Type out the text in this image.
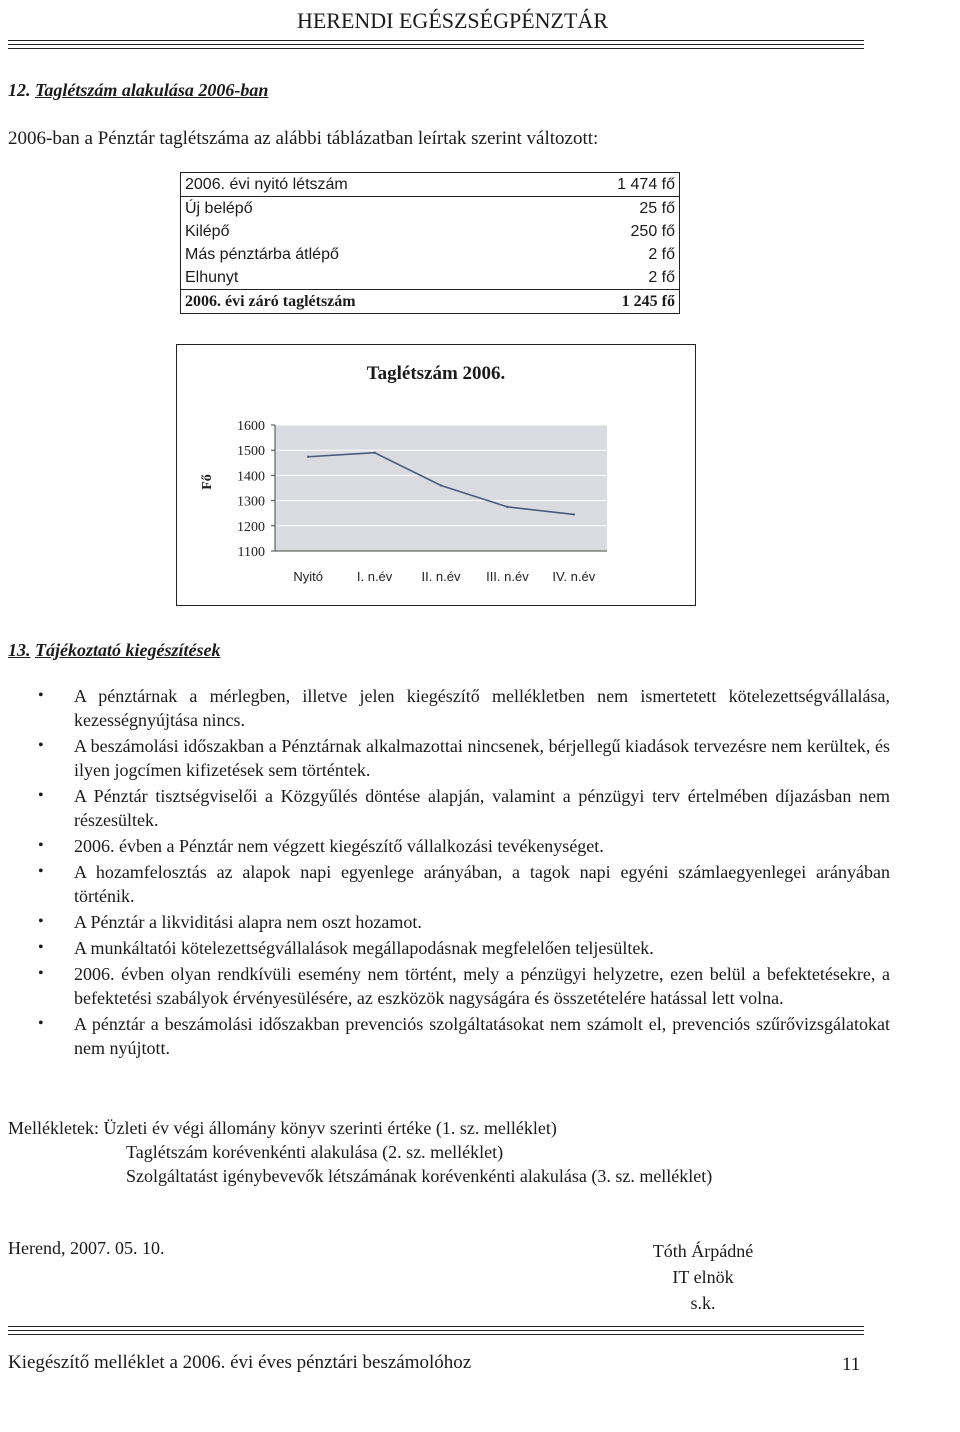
HERENDI EGÉSZSÉGPÉNZTÁR
12. Taglétszám alakulása 2006-ban
2006-ban a Pénztár taglétszáma az alábbi táblázatban leírtak szerint változott:
2006. évi nyitó létszám	1 474 fő
Új belépő	25 fő
Kilépő	250 fő
Más pénztárba átlépő	2 fő
Elhunyt	2 fő
2006. évi záró taglétszám	1 245 fő
Taglétszám 2006.
1600
1500
1400
1300
1200
1100
Fő
Nyitó	I. n.év II. n.év III. n.év IV. n.év
13. Tájékoztató kiegészítések
• A pénztárnak a mérlegben, illetve jelen kiegészítő mellékletben nem ismertetett kötelezettségvállalása, kezességnyújtása nincs.
• A beszámolási időszakban a Pénztárnak alkalmazottai nincsenek, bérjellegű kiadások tervezésre nem kerültek, és ilyen jogcímen kifizetések sem történtek.
• A Pénztár tisztségviselői a Közgyűlés döntése alapján, valamint a pénzügyi terv értelmében díjazásban nem részesültek.
• 2006. évben a Pénztár nem végzett kiegészítő vállalkozási tevékenységet.
• A hozamfelosztás az alapok napi egyenlege arányában, a tagok napi egyéni számlaegyenlegei arányában történik.
• A Pénztár a likviditási alapra nem oszt hozamot.
• A munkáltatói kötelezettségvállalások megállapodásnak megfelelően teljesültek.
• 2006. évben olyan rendkívüli esemény nem történt, mely a pénzügyi helyzetre, ezen belül a befektetésekre, a befektetési szabályok érvényesülésére, az eszközök nagyságára és összetételére hatással lett volna.
• A pénztár a beszámolási időszakban prevenciós szolgáltatásokat nem számolt el, prevenciós szűrővizsgálatokat nem nyújtott.
Mellékletek: Üzleti év végi állomány könyv szerinti értéke (1. sz. melléklet)
Taglétszám korévenkénti alakulása (2. sz. melléklet)
Szolgáltatást igénybevevők létszámának korévenkénti alakulása (3. sz. melléklet)
Herend, 2007. 05. 10.	Tóth Árpádné
IT elnök
s.k.
Kiegészítő melléklet a 2006. évi éves pénztári beszámolóhoz	11
